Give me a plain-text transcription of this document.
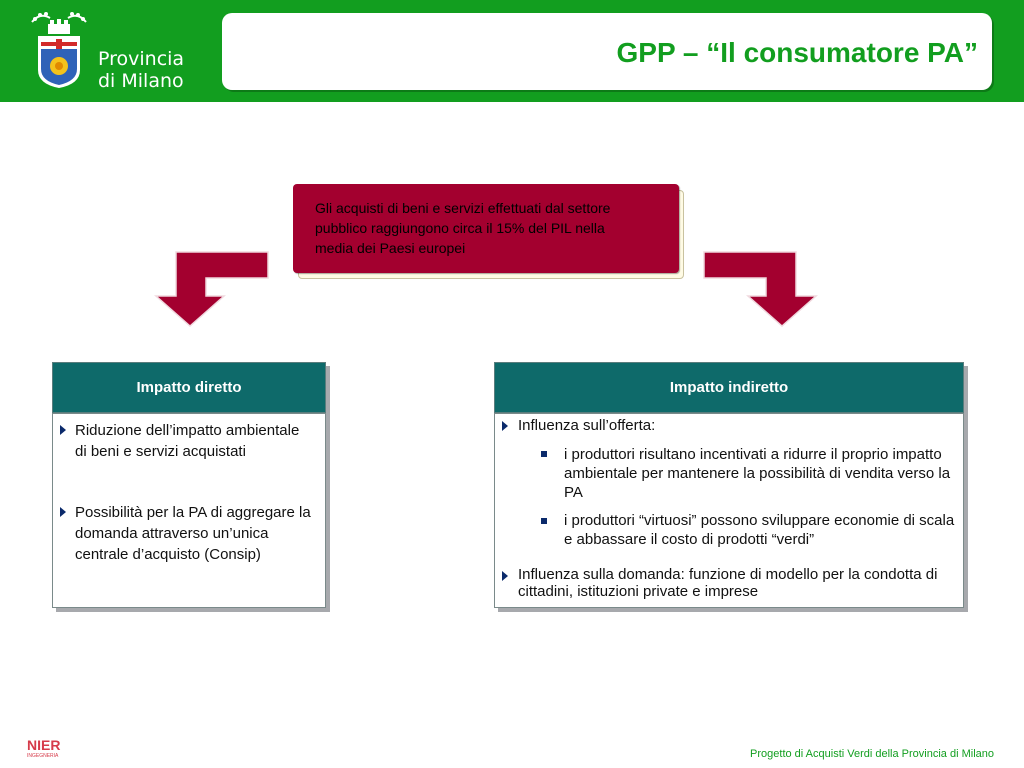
Provincia
di Milano
GPP – “Il consumatore PA”
Gli acquisti di beni e servizi effettuati dal settore pubblico raggiungono circa il 15% del PIL nella media dei Paesi europei
Impatto diretto
Riduzione dell’impatto ambientale di beni e servizi acquistati
Possibilità per la PA di aggregare la domanda attraverso un’unica centrale d’acquisto (Consip)
Impatto indiretto
Influenza sull’offerta:
i produttori risultano incentivati a ridurre il proprio impatto ambientale per mantenere la possibilità di vendita verso la PA
i produttori “virtuosi” possono sviluppare economie di scala e abbassare il costo di prodotti “verdi”
Influenza sulla domanda: funzione di modello per la condotta di cittadini, istituzioni private e imprese
NIER
INGEGNERIA	Progetto di Acquisti Verdi della Provincia di Milano
